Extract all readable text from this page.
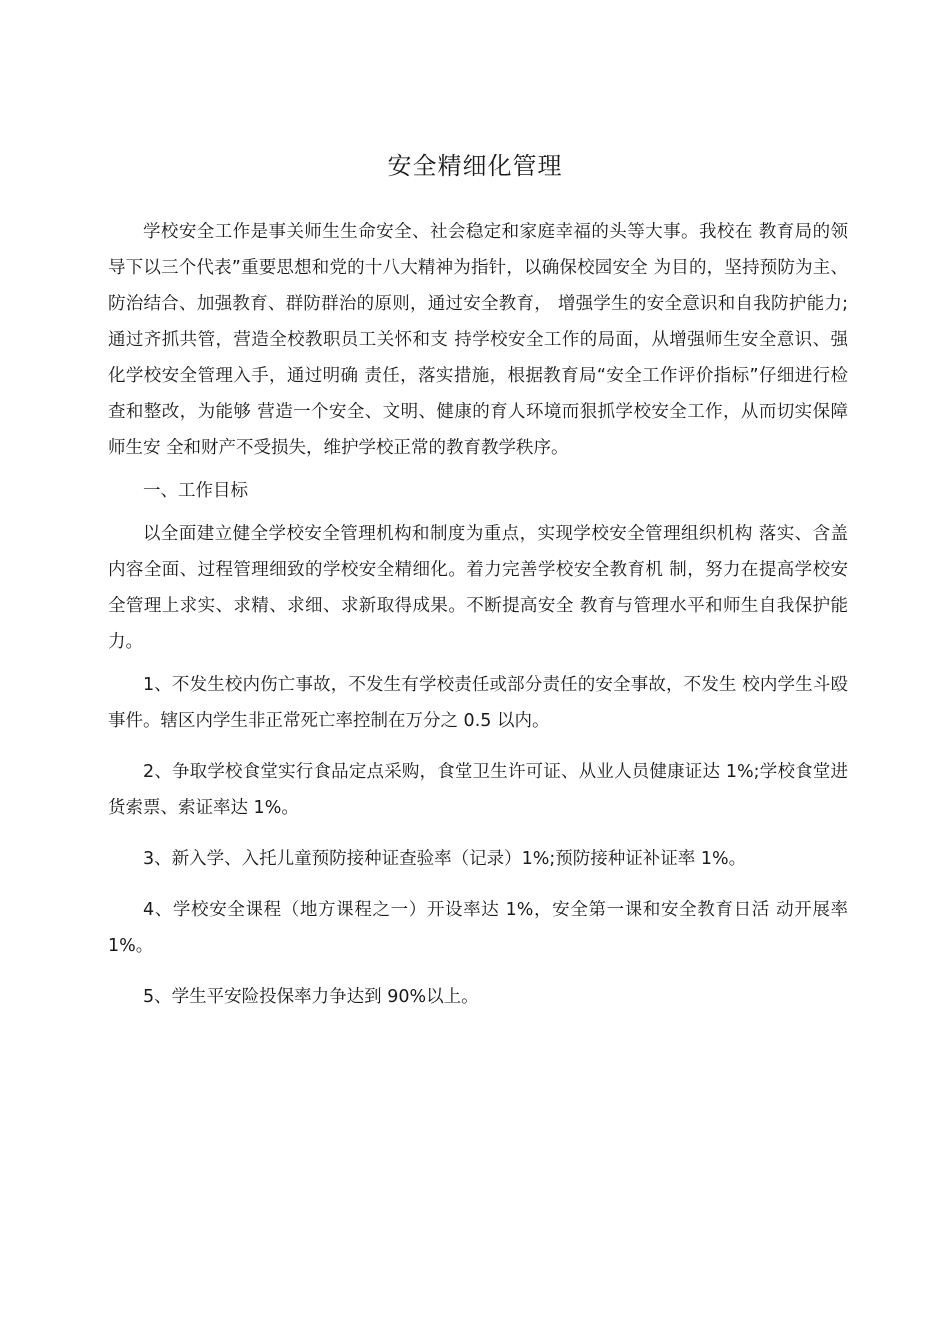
安全精细化管理

学校安全工作是事关师生生命安全、社会稳定和家庭幸福的头等大事。我校在 教育局的领导下以三个代表”重要思想和党的十八大精神为指针，以确保校园安全 为目的，坚持预防为主、防治结合、加强教育、群防群治的原则，通过安全教育， 增强学生的安全意识和自我防护能力;通过齐抓共管，营造全校教职员工关怀和支 持学校安全工作的局面，从增强师生安全意识、强化学校安全管理入手，通过明确 责任，落实措施，根据教育局“安全工作评价指标”仔细进行检查和整改，为能够 营造一个安全、文明、健康的育人环境而狠抓学校安全工作，从而切实保障师生安 全和财产不受损失，维护学校正常的教育教学秩序。

一、工作目标

以全面建立健全学校安全管理机构和制度为重点，实现学校安全管理组织机构 落实、含盖内容全面、过程管理细致的学校安全精细化。着力完善学校安全教育机 制，努力在提高学校安全管理上求实、求精、求细、求新取得成果。不断提高安全 教育与管理水平和师生自我保护能力。

1、不发生校内伤亡事故，不发生有学校责任或部分责任的安全事故，不发生 校内学生斗殴事件。辖区内学生非正常死亡率控制在万分之 0.5 以内。

2、争取学校食堂实行食品定点采购，食堂卫生许可证、从业人员健康证达 1%;学校食堂进货索票、索证率达 1%。

3、新入学、入托儿童预防接种证查验率（记录）1%;预防接种证补证率 1%。

4、学校安全课程（地方课程之一）开设率达 1%，安全第一课和安全教育日活 动开展率 1%。

5、学生平安险投保率力争达到 90%以上。
